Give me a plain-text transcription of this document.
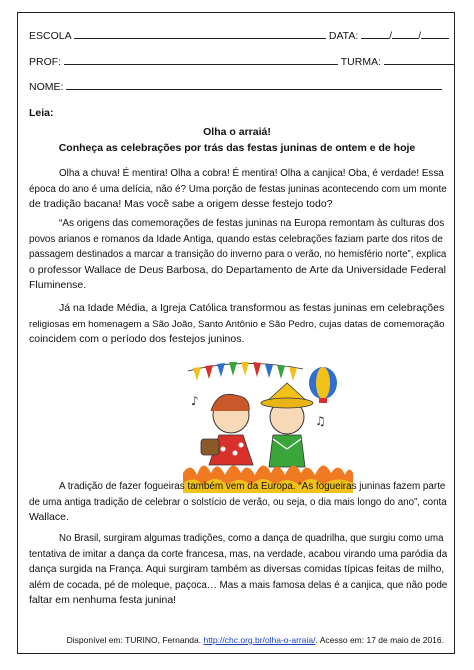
ESCOLA	DATA:	/ /
PROF:	TURMA:
NOME:
Leia:
Olha o arraiá!
Conheça as celebrações por trás das festas juninas de ontem e de hoje
Olha a chuva! É mentira! Olha a cobra! É mentira! Olha a canjica! Oba, é verdade! Essa
época do ano é uma delícia, não é? Uma porção de festas juninas acontecendo com um monte
de tradição bacana! Mas você sabe a origem desse festejo todo?
“As origens das comemorações de festas juninas na Europa remontam às culturas dos
povos arianos e romanos da Idade Antiga, quando estas celebrações faziam parte dos ritos de
passagem destinados a marcar a transição do inverno para o verão, no hemisfério norte”, explica
o professor Wallace de Deus Barbosa, do Departamento de Arte da Universidade Federal
Fluminense.
Já na Idade Média, a Igreja Católica transformou as festas juninas em celebrações
religiosas em homenagem a São João, Santo Antônio e São Pedro, cujas datas de comemoração
coincidem com o período dos festejos juninos.
♪
♫
A tradição de fazer fogueiras também vem da Europa. “As fogueiras juninas fazem parte
de uma antiga tradição de celebrar o solstício de verão, ou seja, o dia mais longo do ano”, conta
Wallace.
No Brasil, surgiram algumas tradições, como a dança de quadrilha, que surgiu como uma
tentativa de imitar a dança da corte francesa, mas, na verdade, acabou virando uma paródia da
dança surgida na França. Aqui surgiram também as diversas comidas típicas feitas de milho,
além de cocada, pé de moleque, paçoca… Mas a mais famosa delas é a canjica, que não pode
faltar em nenhuma festa junina!
Disponível em: TURINO, Fernanda. http://chc.org.br/olha-o-arraia/. Acesso em: 17 de maio de 2016.
